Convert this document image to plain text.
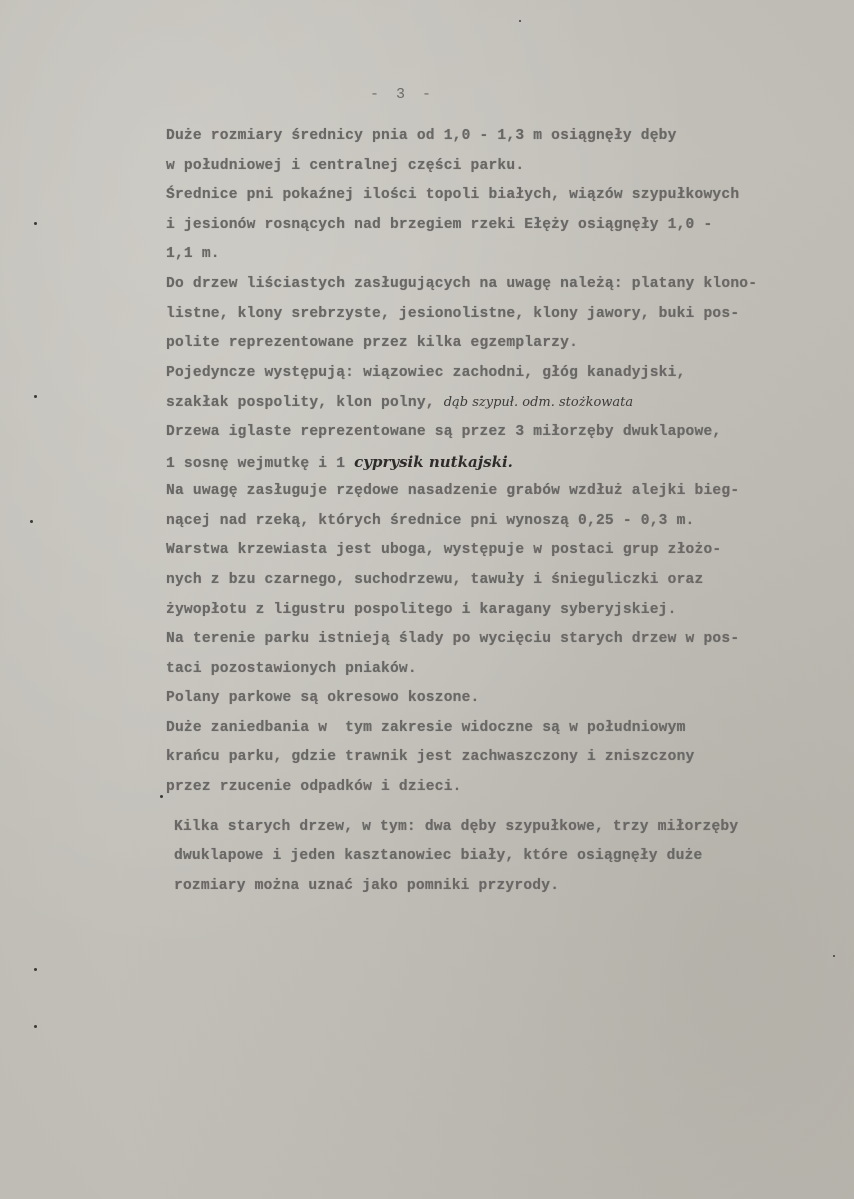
- 3 -
Duże rozmiary średnicy pnia od 1,0 - 1,3 m osiągnęły dęby
w południowej i centralnej części parku.
Średnice pni pokaźnej ilości topoli białych, wiązów szypułkowych
i jesionów rosnących nad brzegiem rzeki Ełęży osiągnęły 1,0 -
1,1 m.
Do drzew liściastych zasługujących na uwagę należą: platany klono-
listne, klony srebrzyste, jesionolistne, klony jawory, buki pos-
polite reprezentowane przez kilka egzemplarzy.
Pojedyncze występują: wiązowiec zachodni, głóg kanadyjski,
szakłak pospolity, klon polny, dąb szypuł. odm. stożkowata
Drzewa iglaste reprezentowane są przez 3 miłorzęby dwuklapowe,
1 sosnę wejmutkę i 1 cyprysik nutkajski.
Na uwagę zasługuje rzędowe nasadzenie grabów wzdłuż alejki bieg-
nącej nad rzeką, których średnice pni wynoszą 0,25 - 0,3 m.
Warstwa krzewiasta jest uboga, występuje w postaci grup złożo-
nych z bzu czarnego, suchodrzewu, tawuły i śnieguliczki oraz
żywopłotu z ligustru pospolitego i karagany syberyjskiej.
Na terenie parku istnieją ślady po wycięciu starych drzew w pos-
taci pozostawionych pniaków.
Polany parkowe są okresowo koszone.
Duże zaniedbania w  tym zakresie widoczne są w południowym
krańcu parku, gdzie trawnik jest zachwaszczony i zniszczony
przez rzucenie odpadków i dzieci.
Kilka starych drzew, w tym: dwa dęby szypułkowe, trzy miłorzęby
dwuklapowe i jeden kasztanowiec biały, które osiągnęły duże
rozmiary można uznać jako pomniki przyrody.
